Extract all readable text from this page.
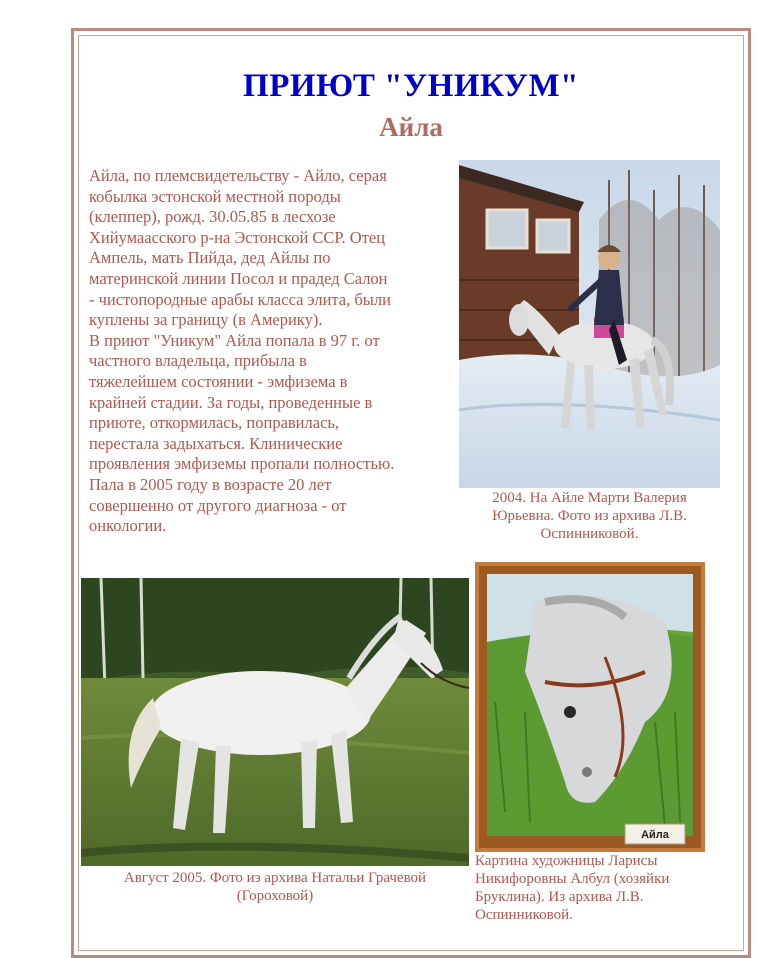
ПРИЮТ "УНИКУМ"
Айла

Айла, по племсвидетельству - Айло, серая
кобылка эстонской местной породы
(клеппер), рожд. 30.05.85 в лесхозе
Хийумаасского р-на Эстонской ССР. Отец
Ампель, мать Пийда, дед Айлы по
материнской линии Посол и прадед Салон
- чистопородные арабы класса элита, были
куплены за границу (в Америку).
В приют "Уникум" Айла попала в 97 г. от
частного владельца, прибыла в
тяжелейшем состоянии - эмфизема в
крайней стадии. За годы, проведенные в
приюте, откормилась, поправилась,
перестала задыхаться. Клинические
проявления эмфиземы пропали полностью.
Пала в 2005 году в возрасте 20 лет
совершенно от другого диагноза - от
онкологии.

2004. На Айле Марти Валерия
Юрьевна. Фото из архива Л.В.
Оспинниковой.

Август 2005. Фото из архива Натальи Грачевой
(Гороховой)

Айла

Картина художницы Ларисы
Никифоровны Албул (хозяйки
Бруклина). Из архива Л.В.
Оспинниковой.
